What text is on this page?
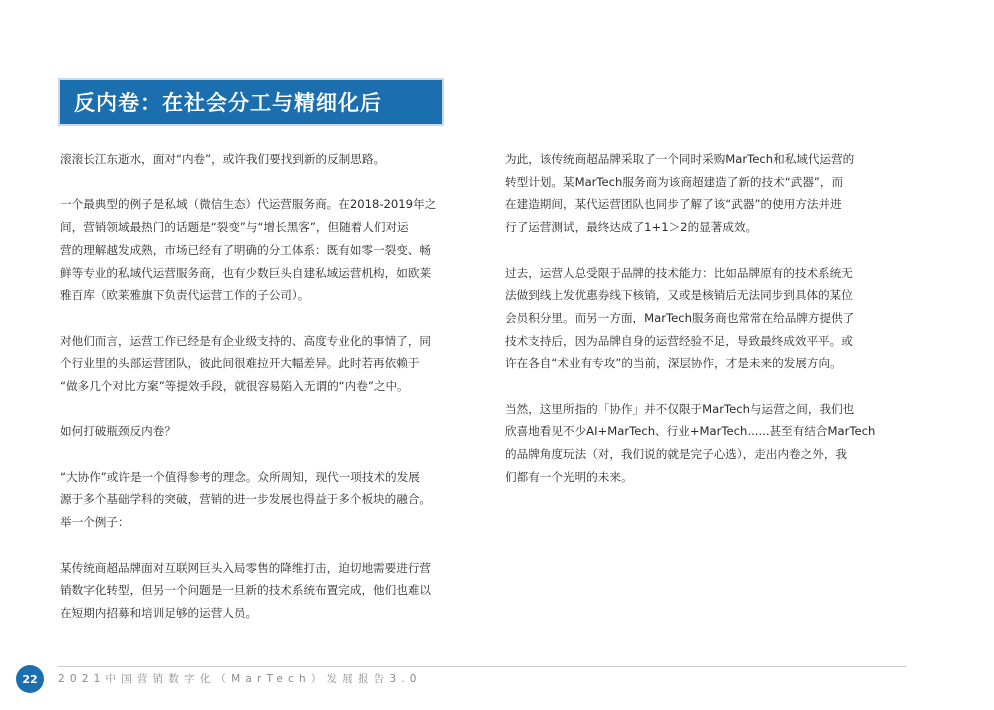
反内卷：在社会分工与精细化后

滚滚长江东逝水，面对“内卷”，或许我们要找到新的反制思路。

一个最典型的例子是私域（微信生态）代运营服务商。在2018-2019年之
间，营销领域最热门的话题是“裂变”与“增长黑客”，但随着人们对运
营的理解越发成熟，市场已经有了明确的分工体系：既有如零一裂变、畅
鲜等专业的私域代运营服务商，也有少数巨头自建私域运营机构，如欧莱
雅百库（欧莱雅旗下负责代运营工作的子公司）。

对他们而言，运营工作已经是有企业级支持的、高度专业化的事情了，同
个行业里的头部运营团队，彼此间很难拉开大幅差异。此时若再依赖于
“做多几个对比方案”等提效手段，就很容易陷入无谓的“内卷”之中。

如何打破瓶颈反内卷？

“大协作”或许是一个值得参考的理念。众所周知，现代一项技术的发展
源于多个基础学科的突破，营销的进一步发展也得益于多个板块的融合。
举一个例子：

某传统商超品牌面对互联网巨头入局零售的降维打击，迫切地需要进行营
销数字化转型，但另一个问题是一旦新的技术系统布置完成，他们也难以
在短期内招募和培训足够的运营人员。

为此，该传统商超品牌采取了一个同时采购MarTech和私域代运营的
转型计划。某MarTech服务商为该商超建造了新的技术“武器”，而
在建造期间，某代运营团队也同步了解了该“武器”的使用方法并进
行了运营测试，最终达成了1+1＞2的显著成效。

过去，运营人总受限于品牌的技术能力：比如品牌原有的技术系统无
法做到线上发优惠券线下核销，又或是核销后无法同步到具体的某位
会员积分里。而另一方面，MarTech服务商也常常在给品牌方提供了
技术支持后，因为品牌自身的运营经验不足，导致最终成效平平。或
许在各自“术业有专攻”的当前，深层协作，才是未来的发展方向。

当然，这里所指的「协作」并不仅限于MarTech与运营之间，我们也
欣喜地看见不少AI+MarTech、行业+MarTech......甚至有结合MarTech
的品牌角度玩法（对，我们说的就是完子心选），走出内卷之外，我
们都有一个光明的未来。

22 2021中国营销数字化（MarTech）发展报告3.0
